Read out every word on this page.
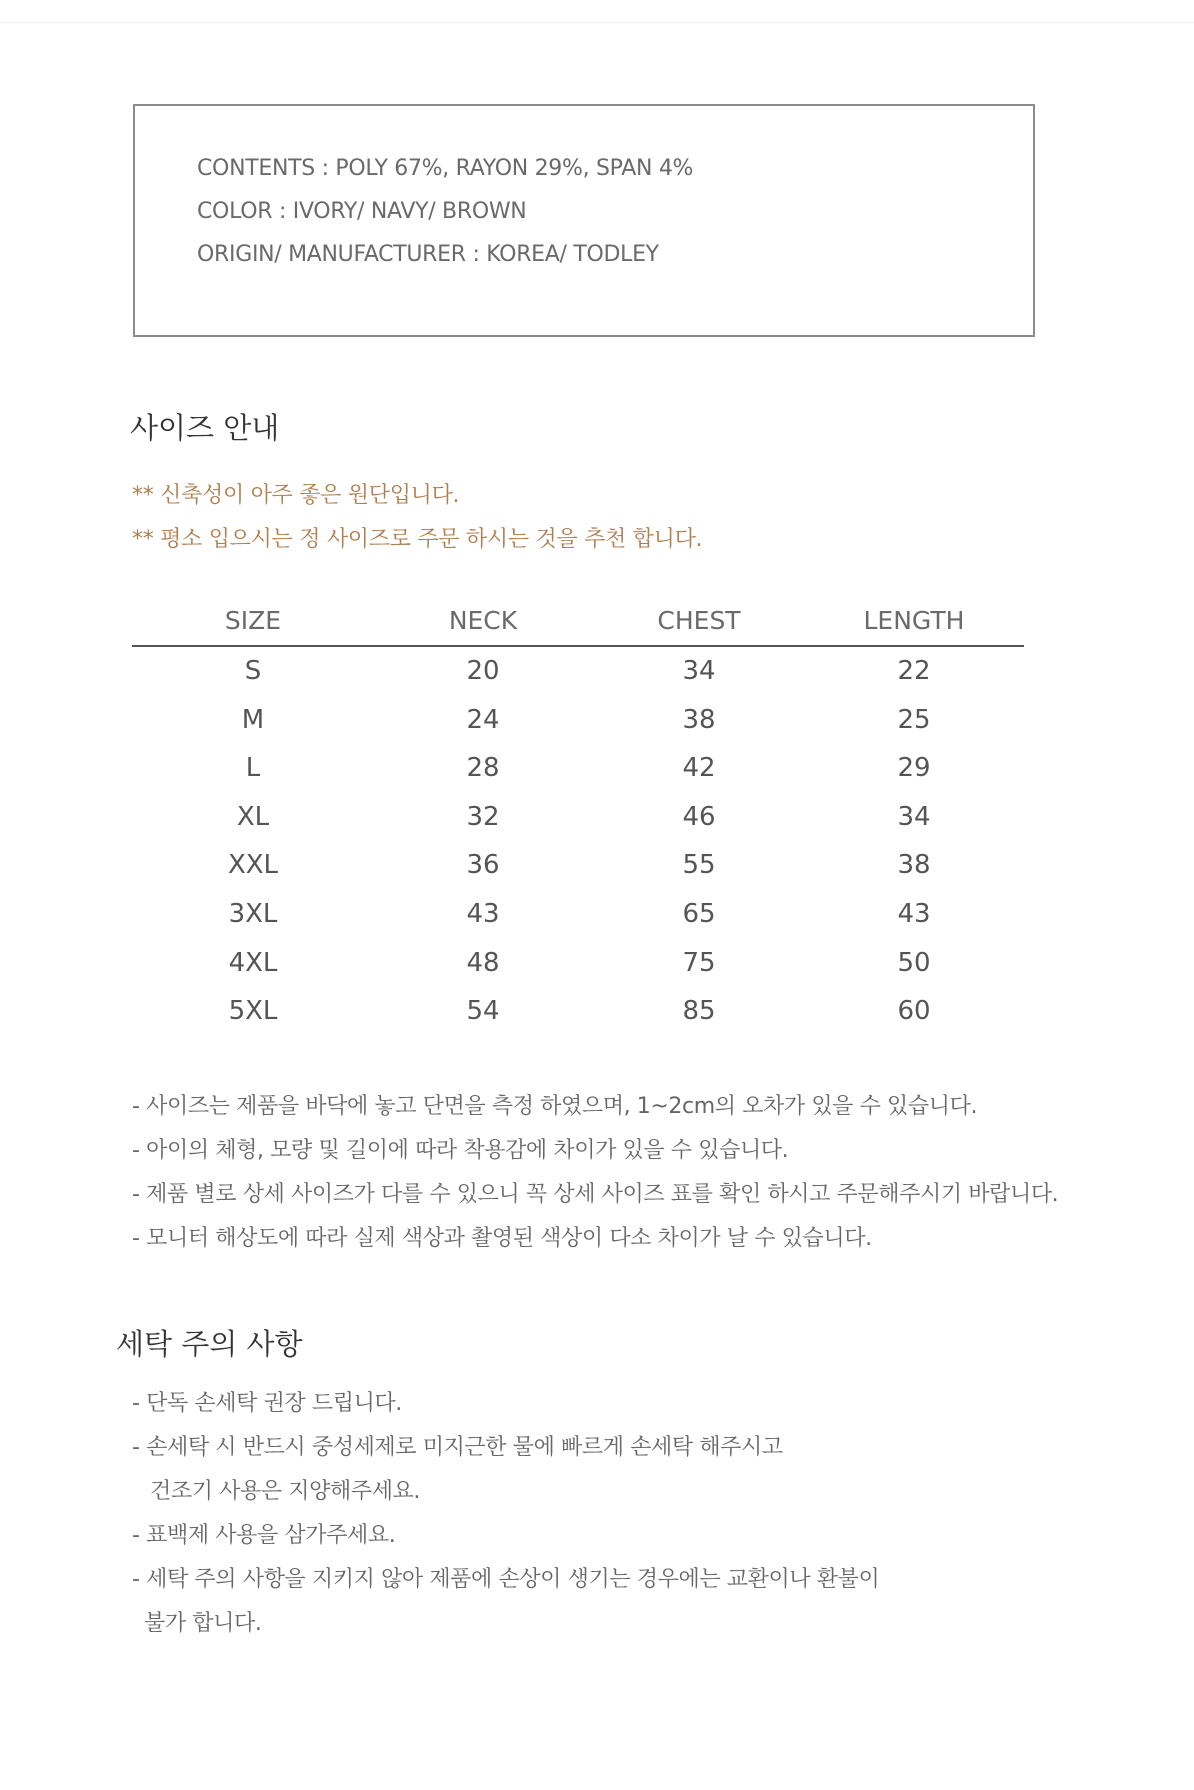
CONTENTS : POLY 67%, RAYON 29%, SPAN 4%
COLOR : IVORY/ NAVY/ BROWN
ORIGIN/ MANUFACTURER : KOREA/ TODLEY
사이즈 안내
** 신축성이 아주 좋은 원단입니다.
** 평소 입으시는 정 사이즈로 주문 하시는 것을 추천 합니다.
SIZE	NECK	CHEST	LENGTH
S	20	34	22
M	24	38	25
L	28	42	29
XL	32	46	34
XXL	36	55	38
3XL	43	65	43
4XL	48	75	50
5XL	54	85	60
- 사이즈는 제품을 바닥에 놓고 단면을 측정 하였으며, 1~2cm의 오차가 있을 수 있습니다.
- 아이의 체형, 모량 및 길이에 따라 착용감에 차이가 있을 수 있습니다.
- 제품 별로 상세 사이즈가 다를 수 있으니 꼭 상세 사이즈 표를 확인 하시고 주문해주시기 바랍니다.
- 모니터 해상도에 따라 실제 색상과 촬영된 색상이 다소 차이가 날 수 있습니다.
세탁 주의 사항
- 단독 손세탁 권장 드립니다.
- 손세탁 시 반드시 중성세제로 미지근한 물에 빠르게 손세탁 해주시고
건조기 사용은 지양해주세요.
- 표백제 사용을 삼가주세요.
- 세탁 주의 사항을 지키지 않아 제품에 손상이 생기는 경우에는 교환이나 환불이
불가 합니다.
